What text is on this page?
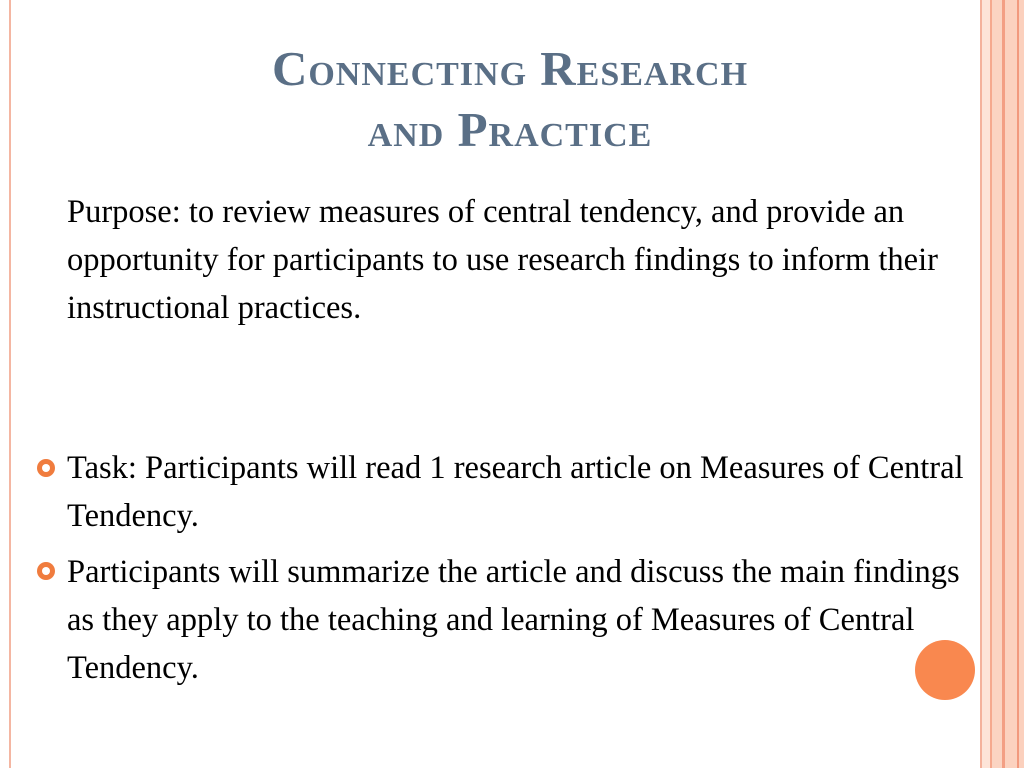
Connecting Research
and Practice
Purpose: to review measures of central tendency, and provide an opportunity for participants to use research findings to inform their instructional practices.
Task: Participants will read 1 research article on Measures of Central Tendency.
Participants will summarize the article and discuss the main findings as they apply to the teaching and learning of Measures of Central Tendency.
